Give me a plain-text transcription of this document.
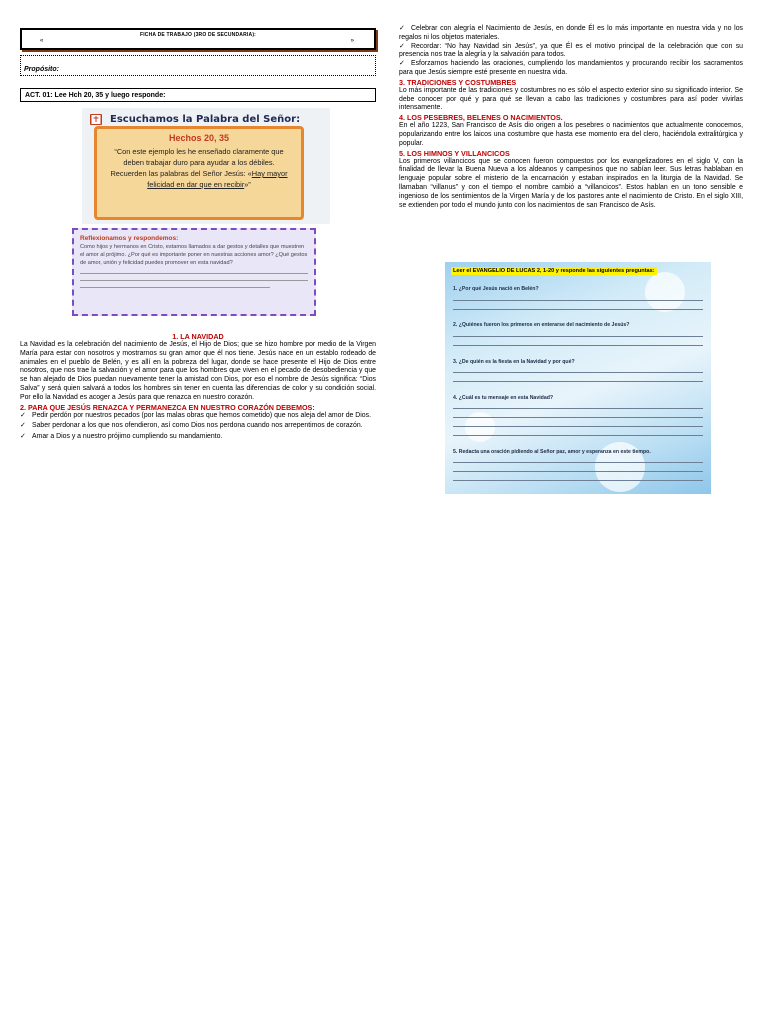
FICHA DE TRABAJO (3RO DE SECUNDARIA):
«	»
Propósito:
ACT. 01: Lee Hch 20, 35 y luego responde:
Escuchamos la Palabra del Señor:
Hechos 20, 35
“Con este ejemplo les he enseñado claramente que deben trabajar duro para ayudar a los débiles. Recuerden las palabras del Señor Jesús: «Hay mayor felicidad en dar que en recibir»”
Reflexionamos y respondemos:
Como hijos y hermanos en Cristo, estamos llamados a dar gestos y detalles que muestren el amor al prójimo. ¿Por qué es importante poner en nuestras acciones amor? ¿Qué gestos de amor, unión y felicidad puedes promover en esta navidad?
1. LA NAVIDAD

La Navidad es la celebración del nacimiento de Jesús, el Hijo de Dios; que se hizo hombre por medio de la Virgen María para estar con nosotros y mostrarnos su gran amor que él nos tiene. Jesús nace en un establo rodeado de animales en el pueblo de Belén, y es allí en la pobreza del lugar, donde se hace presente el Hijo de Dios entre nosotros, que nos trae la salvación y el amor para que los hombres que viven en el pecado de desobediencia y que se han alejado de Dios puedan nuevamente tener la amistad con Dios, por eso el nombre de Jesús significa: “Dios Salva” y será quien salvará a todos los hombres sin tener en cuenta las diferencias de color y su condición social. Por ello la Navidad es acoger a Jesús para que renazca en nuestro corazón.

2. PARA QUE JESÚS RENAZCA Y PERMANEZCA EN NUESTRO CORAZÓN DEBEMOS:

✓ Pedir perdón por nuestros pecados (por las malas obras que hemos cometido) que nos aleja del amor de Dios.

✓ Saber perdonar a los que nos ofendieron, así como Dios nos perdona cuando nos arrepentimos de corazón.

✓ Amar a Dios y a nuestro prójimo cumpliendo su mandamiento.

✓ Celebrar con alegría el Nacimiento de Jesús, en donde Él es lo más importante en nuestra vida y no los regalos ni los objetos materiales.

✓ Recordar: “No hay Navidad sin Jesús”, ya que Él es el motivo principal de la celebración que con su presencia nos trae la alegría y la salvación para todos.

✓ Esforzarnos haciendo las oraciones, cumpliendo los mandamientos y procurando recibir los sacramentos para que Jesús siempre esté presente en nuestra vida.

3. TRADICIONES Y COSTUMBRES

Lo más importante de las tradiciones y costumbres no es sólo el aspecto exterior sino su significado interior. Se debe conocer por qué y para qué se llevan a cabo las tradiciones y costumbres para así poder vivirlas intensamente.

4. LOS PESEBRES, BELENES O NACIMIENTOS.

En el año 1223, San Francisco de Asís dio origen a los pesebres o nacimientos que actualmente conocemos, popularizando entre los laicos una costumbre que hasta ese momento era del clero, haciéndola extralitúrgica y popular.

5. LOS HIMNOS Y VILLANCICOS

Los primeros villancicos que se conocen fueron compuestos por los evangelizadores en el siglo V, con la finalidad de llevar la Buena Nueva a los aldeanos y campesinos que no sabían leer. Sus letras hablaban en lenguaje popular sobre el misterio de la encarnación y estaban inspirados en la liturgia de la Navidad. Se llamaban “villanus” y con el tiempo el nombre cambió a “villancicos”. Estos hablan en un tono sensible e ingenioso de los sentimientos de la Virgen María y de los pastores ante el nacimiento de Cristo. En el siglo XIII, se extienden por todo el mundo junto con los nacimientos de san Francisco de Asís.

Leer el EVANGELIO DE LUCAS 2, 1-20 y responde las siguientes preguntas:
1. ¿Por qué Jesús nació en Belén?
2. ¿Quiénes fueron los primeros en enterarse del nacimiento de Jesús?
3. ¿De quién es la fiesta en la Navidad y por qué?
4. ¿Cuál es tu mensaje en esta Navidad?
5. Redacta una oración pidiendo al Señor paz, amor y esperanza en este tiempo.
